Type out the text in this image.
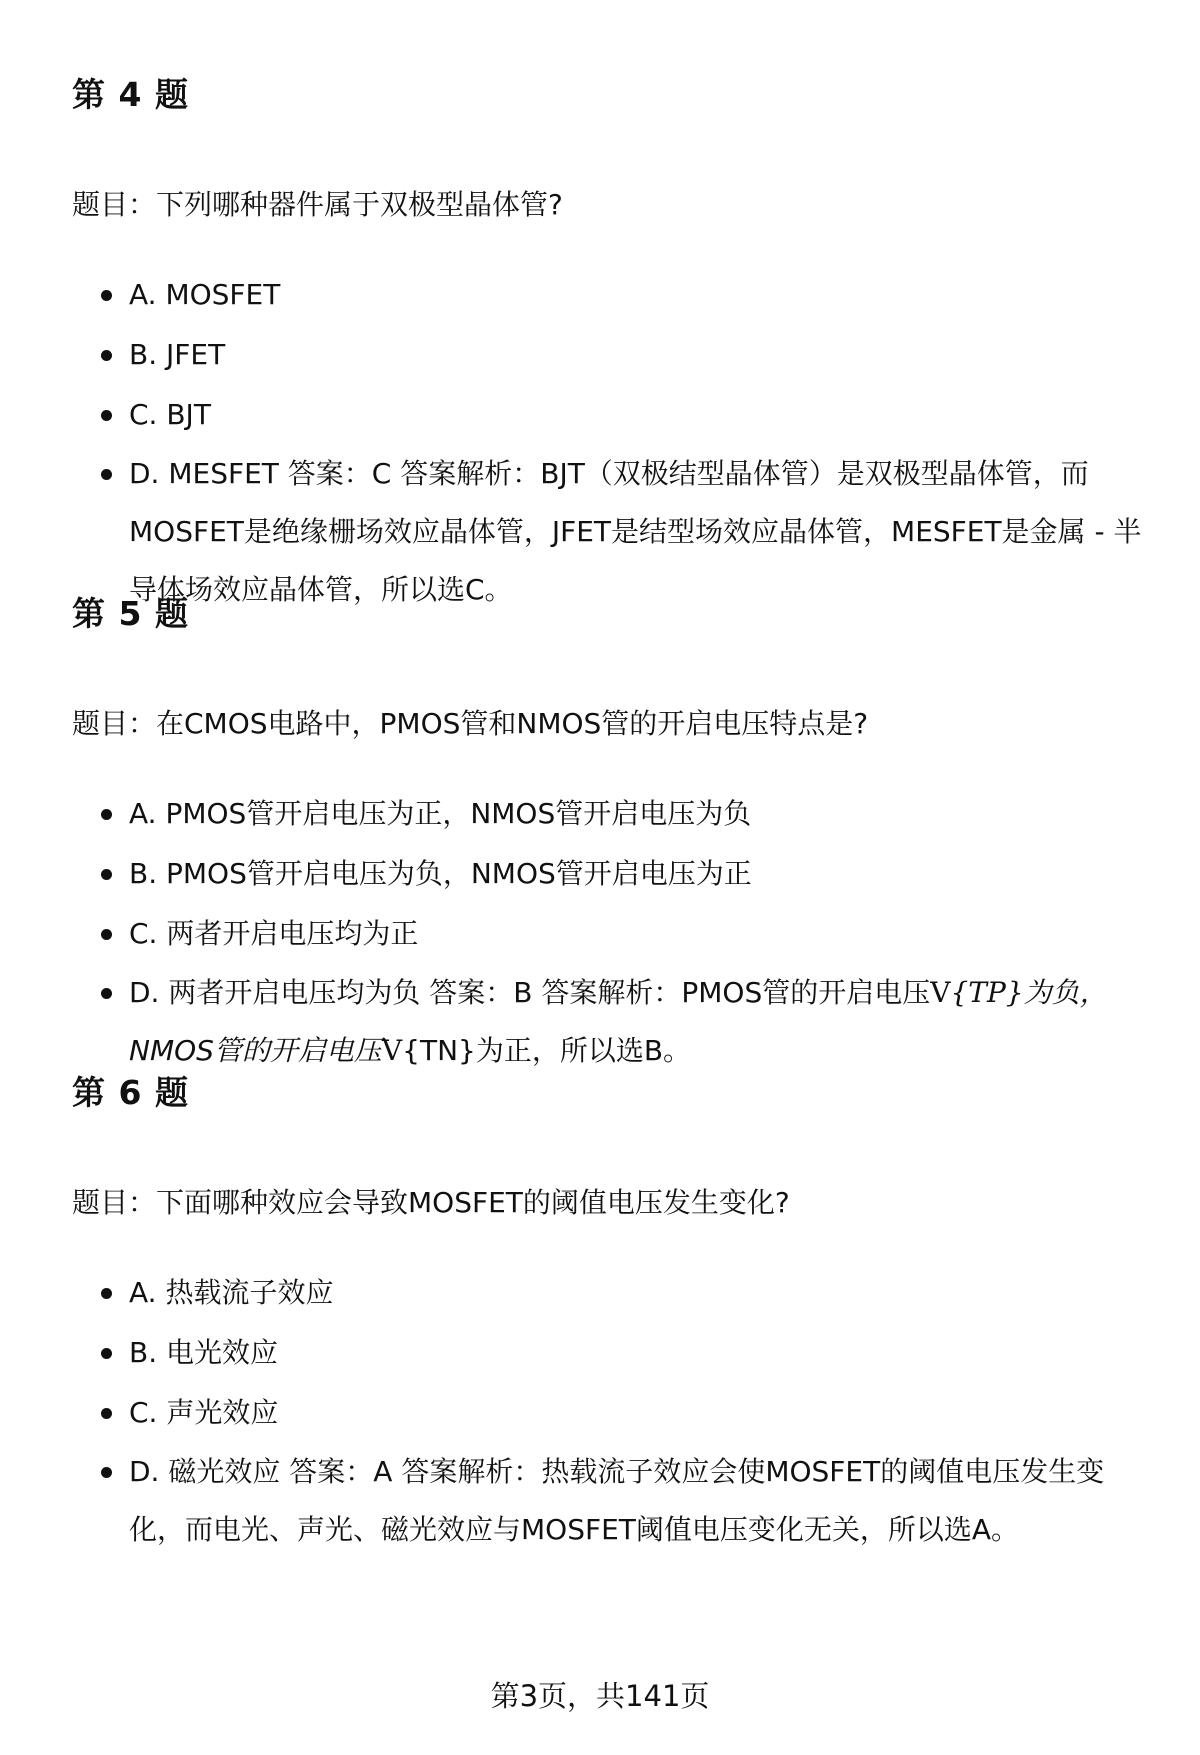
第 4 题
题目：下列哪种器件属于双极型晶体管?
A. MOSFET
B. JFET
C. BJT
D. MESFET 答案：C 答案解析：BJT（双极结型晶体管）是双极型晶体管，而MOSFET是绝缘栅场效应晶体管，JFET是结型场效应晶体管，MESFET是金属 - 半导体场效应晶体管，所以选C。
第 5 题
题目：在CMOS电路中，PMOS管和NMOS管的开启电压特点是?
A. PMOS管开启电压为正，NMOS管开启电压为负
B. PMOS管开启电压为负，NMOS管开启电压为正
C. 两者开启电压均为正
D. 两者开启电压均为负 答案：B 答案解析：PMOS管的开启电压V{TP}为负，NMOS管的开启电压V{TN}为正，所以选B。
第 6 题
题目：下面哪种效应会导致MOSFET的阈值电压发生变化?
A. 热载流子效应
B. 电光效应
C. 声光效应
D. 磁光效应 答案：A 答案解析：热载流子效应会使MOSFET的阈值电压发生变化，而电光、声光、磁光效应与MOSFET阈值电压变化无关，所以选A。
第3页，共141页
